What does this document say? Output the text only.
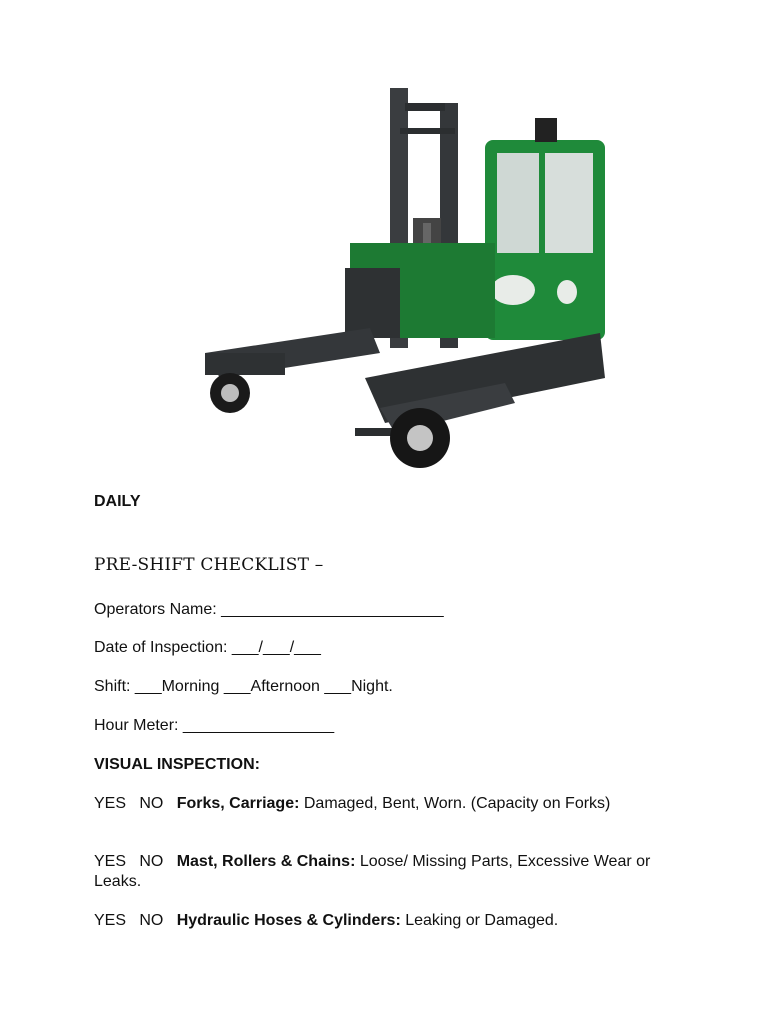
DAILY
PRE-SHIFT CHECKLIST –
Operators Name: _________________________
Date of Inspection: ___/___/___
Shift: ___Morning ___Afternoon ___Night.
Hour Meter: _________________
VISUAL INSPECTION:
YES NO Forks, Carriage: Damaged, Bent, Worn. (Capacity on Forks)
YES NO Mast, Rollers & Chains: Loose/ Missing Parts, Excessive Wear or Leaks.
YES NO Hydraulic Hoses & Cylinders: Leaking or Damaged.
